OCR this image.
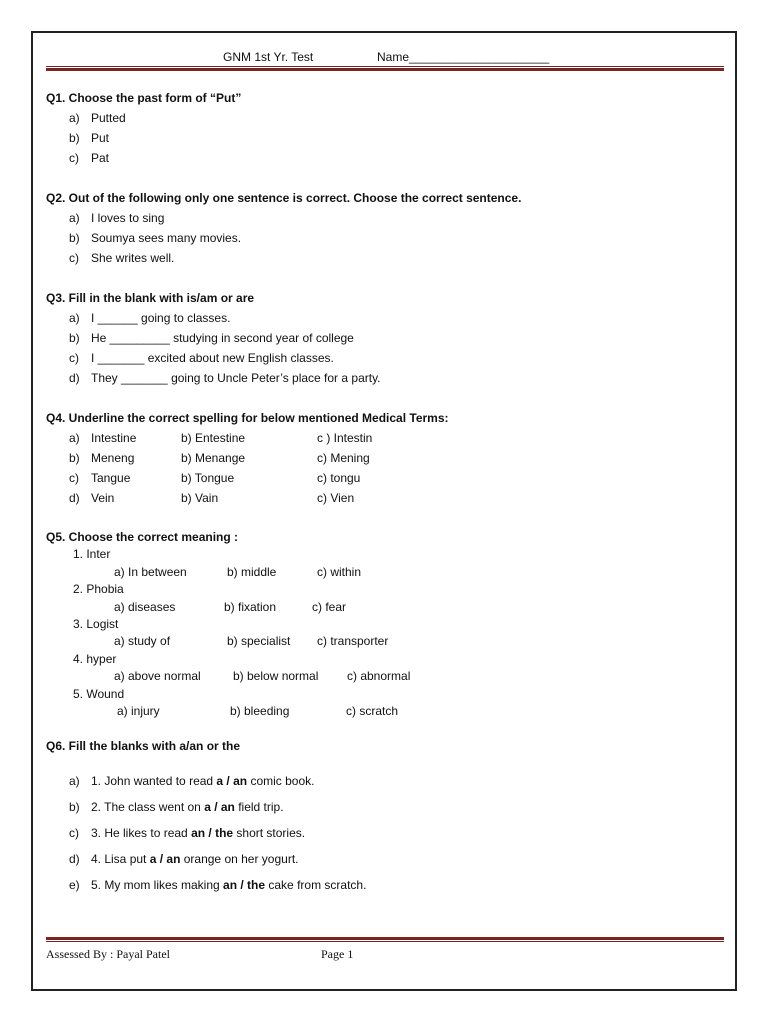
GNM 1st Yr. Test	Name_____________________
Q1. Choose the past form of “Put”
a) Putted
b) Put
c) Pat
Q2. Out of the following only one sentence is correct. Choose the correct sentence.
a) I loves to sing
b) Soumya sees many movies.
c) She writes well.
Q3. Fill in the blank with is/am or are
a) I ______ going to classes.
b) He _________ studying in second year of college
c) I _______ excited about new English classes.
d) They _______ going to Uncle Peter’s place for a party.
Q4. Underline the correct spelling for below mentioned Medical Terms:
a) Intestine	b) Entestine	c ) Intestin
b) Meneng	b) Menange	c) Mening
c) Tangue	b) Tongue	c) tongu
d) Vein	b) Vain	c) Vien
Q5. Choose the correct meaning :
1. Inter
a) In between	b) middle	c) within
2. Phobia
a) diseases	b) fixation	c) fear
3. Logist
a) study of	b) specialist c) transporter
4. hyper
a) above normal	b) below normal c) abnormal
5. Wound
a) injury	b) bleeding	c) scratch
Q6. Fill the blanks with a/an or the
a) 1. John wanted to read a / an comic book.
b) 2. The class went on a / an field trip.
c) 3. He likes to read an / the short stories.
d) 4. Lisa put a / an orange on her yogurt.
e) 5. My mom likes making an / the cake from scratch.
Assessed By : Payal Patel	Page 1
